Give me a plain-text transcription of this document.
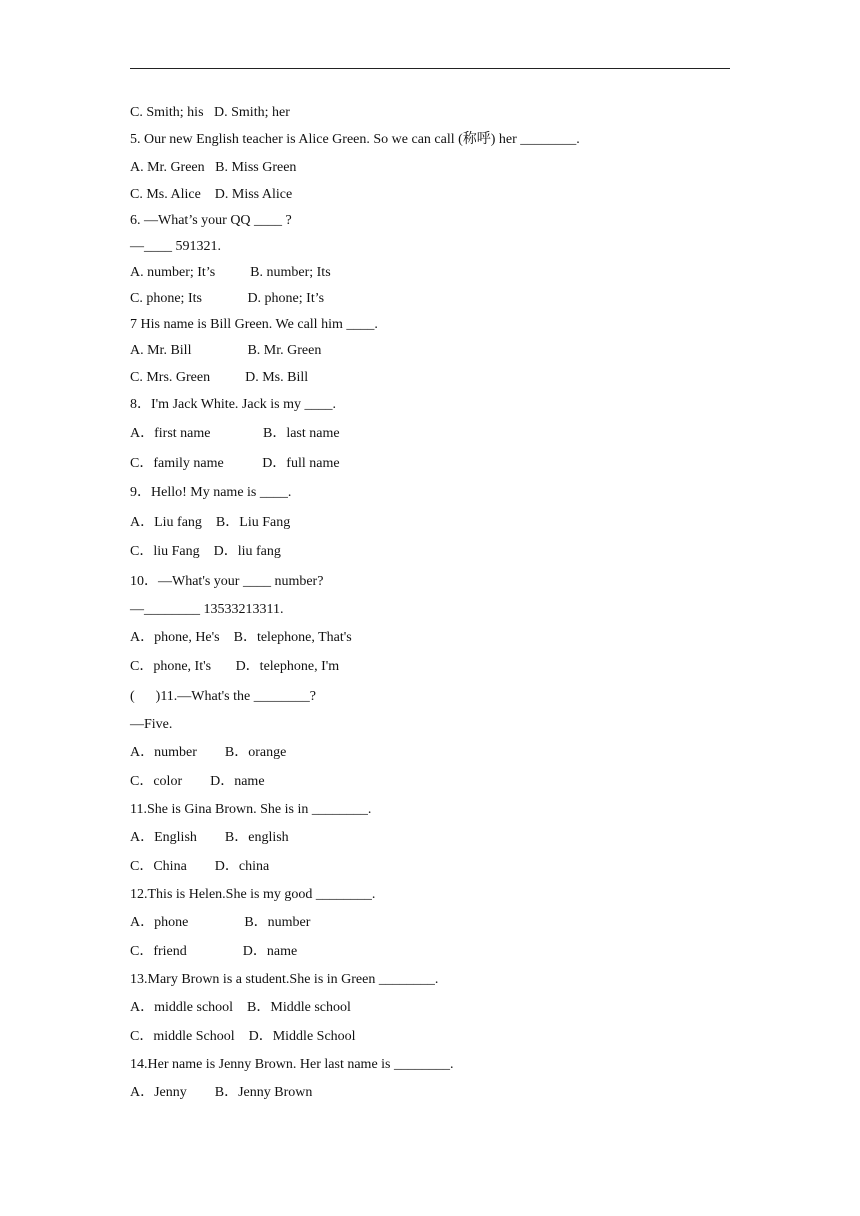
C. Smith; his   D. Smith; her
5. Our new English teacher is Alice Green. So we can call (称呼) her ________.
A. Mr. Green   B. Miss Green
C. Ms. Alice    D. Miss Alice
6. —What’s your QQ ____ ?
—____ 591321.
A. number; It’s          B. number; Its
C. phone; Its             D. phone; It’s
7 His name is Bill Green. We call him ____.
A. Mr. Bill                B. Mr. Green
C. Mrs. Green          D. Ms. Bill
8．I'm Jack White. Jack is my ____.
A．first name               B．last name
C．family name           D．full name
9．Hello! My name is ____.
A．Liu fang    B．Liu Fang
C．liu Fang    D．liu fang
10．—What's your ____ number?
—________ 13533213311.
A．phone, He's    B．telephone, That's
C．phone, It's       D．telephone, I'm
(      )11.—What's the ________?
—Five.
A．number        B．orange
C．color        D．name
11.She is Gina Brown. She is in ________.
A．English        B．english
C．China        D．china
12.This is Helen.She is my good ________.
A．phone                B．number
C．friend                D．name
13.Mary Brown is a student.She is in Green ________.
A．middle school    B．Middle school
C．middle School    D．Middle School
14.Her name is Jenny Brown. Her last name is ________.
A．Jenny        B．Jenny Brown
